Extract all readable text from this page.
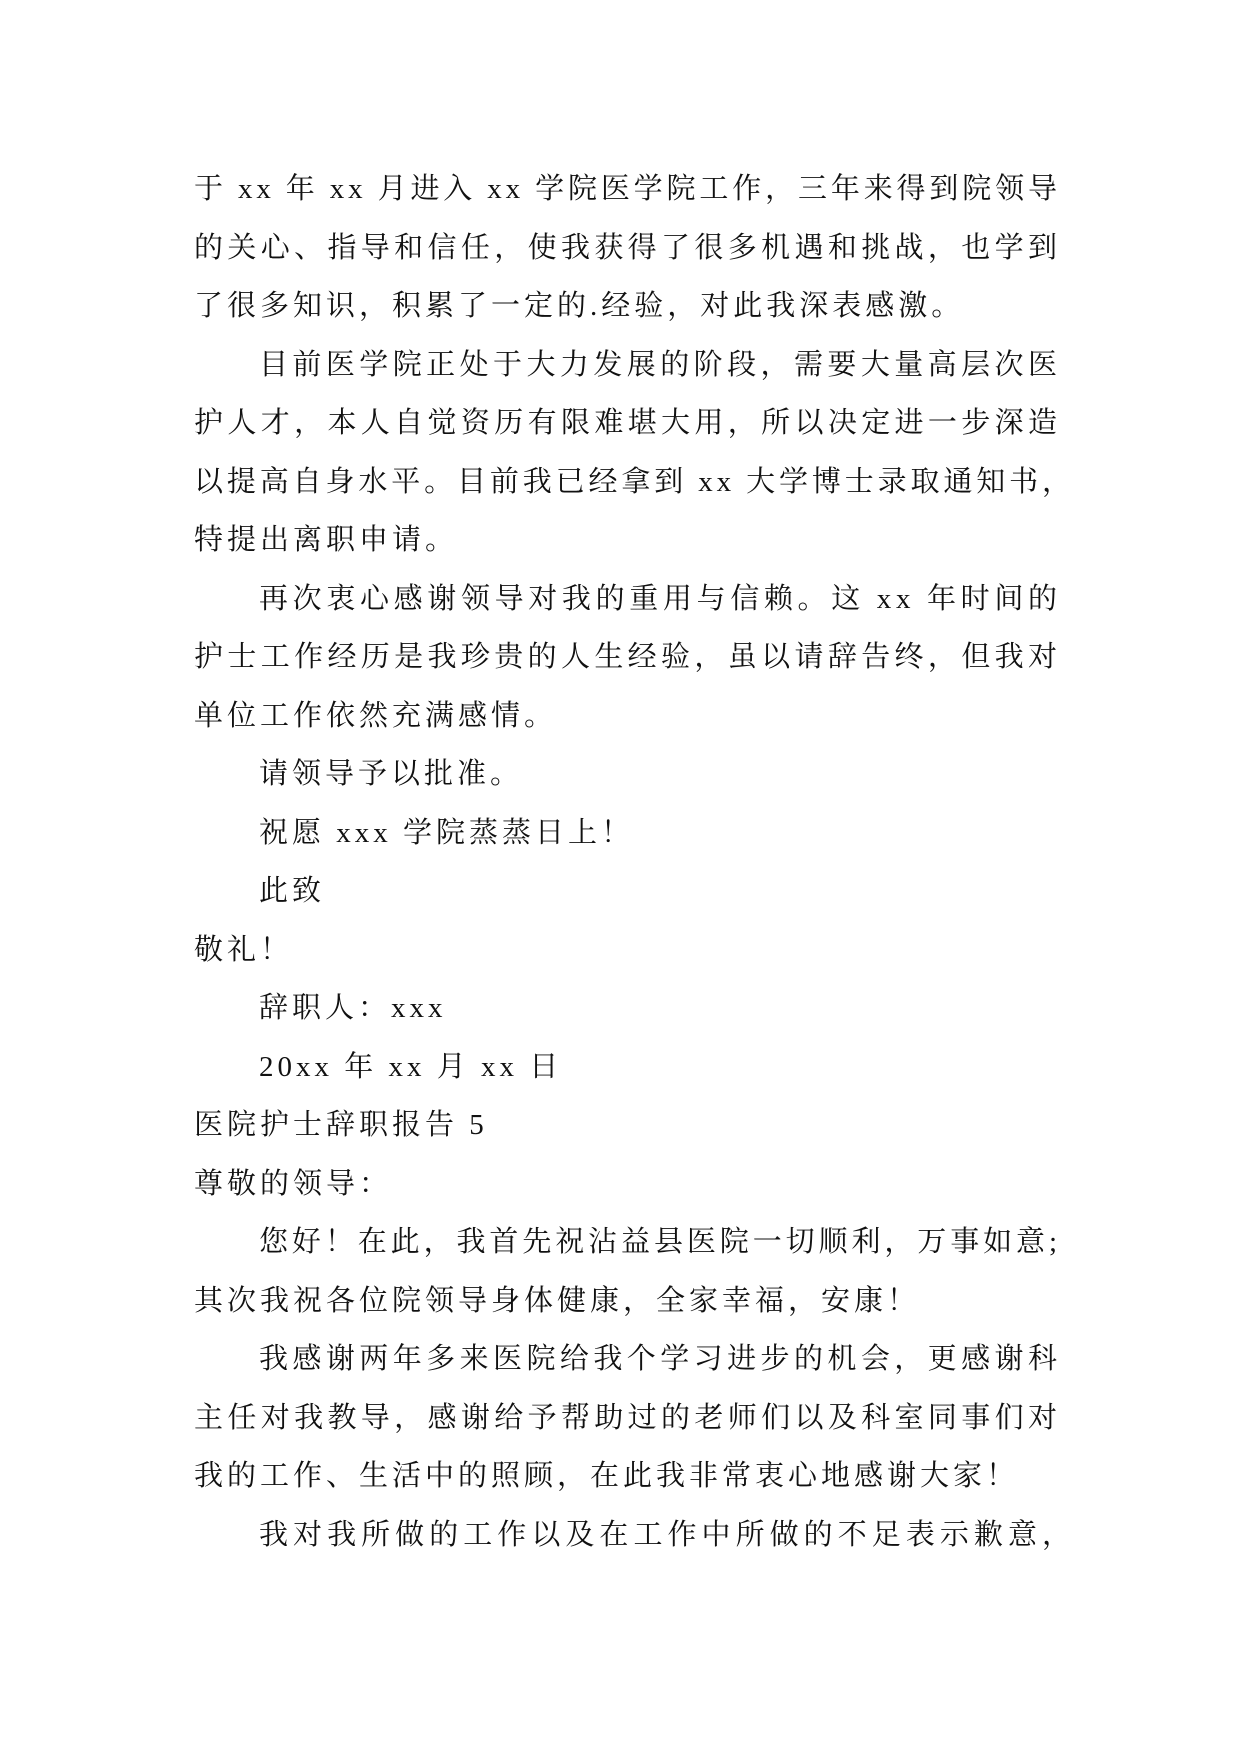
于 xx 年 xx 月进入 xx 学院医学院工作，三年来得到院领导
的关心、指导和信任，使我获得了很多机遇和挑战，也学到
了很多知识，积累了一定的.经验，对此我深表感激。
目前医学院正处于大力发展的阶段，需要大量高层次医
护人才，本人自觉资历有限难堪大用，所以决定进一步深造
以提高自身水平。目前我已经拿到 xx 大学博士录取通知书，
特提出离职申请。
再次衷心感谢领导对我的重用与信赖。这 xx 年时间的
护士工作经历是我珍贵的人生经验，虽以请辞告终，但我对
单位工作依然充满感情。
请领导予以批准。
祝愿 xxx 学院蒸蒸日上！
此致
敬礼！
辞职人：xxx
20xx 年 xx 月 xx 日
医院护士辞职报告 5
尊敬的领导：
您好！在此，我首先祝沾益县医院一切顺利，万事如意;
其次我祝各位院领导身体健康，全家幸福，安康！
我感谢两年多来医院给我个学习进步的机会，更感谢科
主任对我教导，感谢给予帮助过的老师们以及科室同事们对
我的工作、生活中的照顾，在此我非常衷心地感谢大家！
我对我所做的工作以及在工作中所做的不足表示歉意，
